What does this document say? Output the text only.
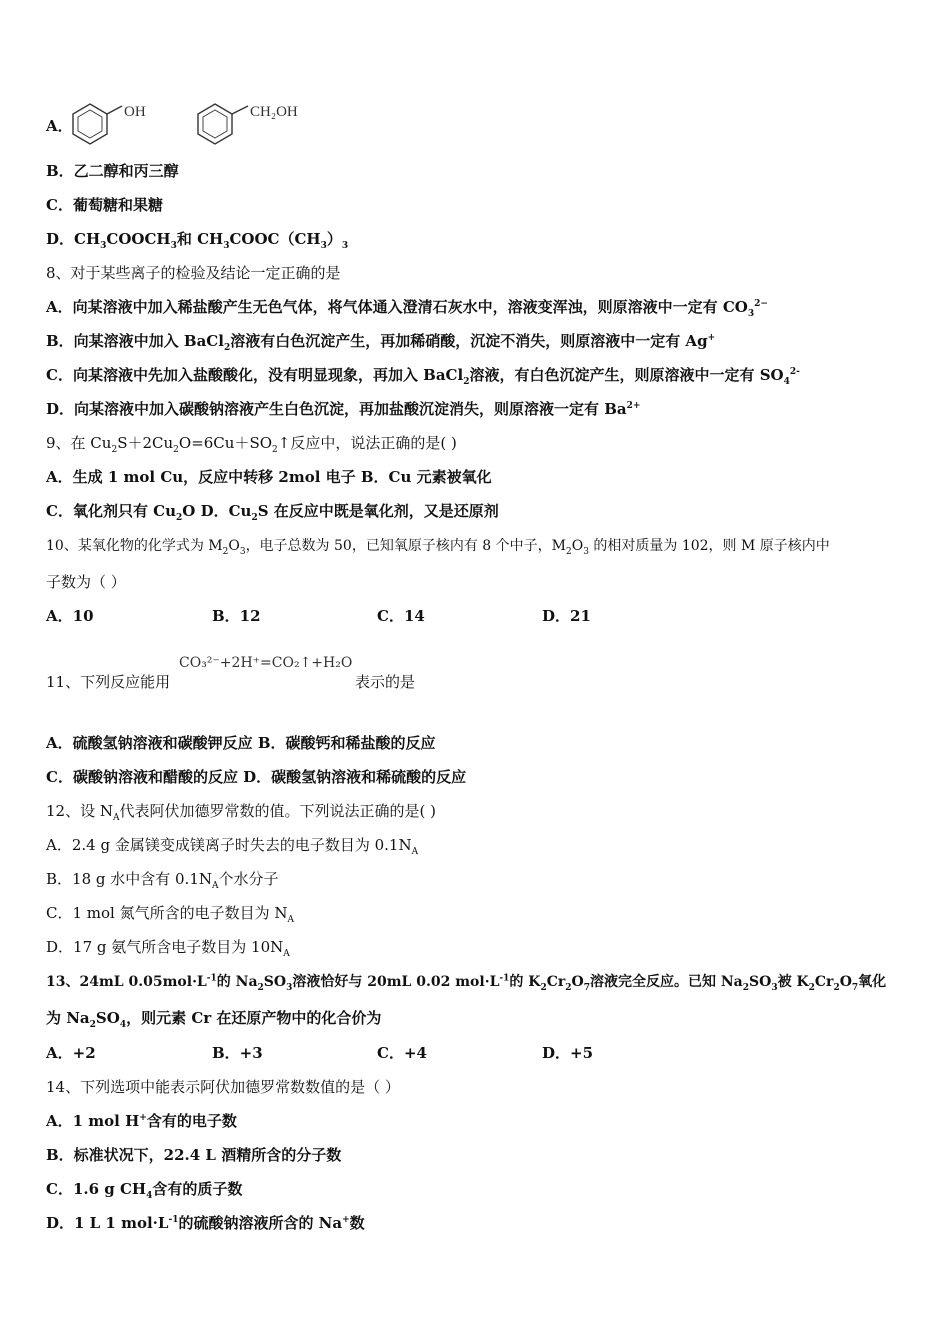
A．
OH	CH₂OH
B．乙二醇和丙三醇
C．葡萄糖和果糖
D．$CH_3COOCH_3$和 $CH_3COOC(CH_3)_3$
8、对于某些离子的检验及结论一定正确的是
A．向某溶液中加入稀盐酸产生无色气体，将气体通入澄清石灰水中，溶液变浑浊，则原溶液中一定有 $CO_3^{2-}$
B．向某溶液中加入 BaCl$_2$溶液有白色沉淀产生，再加稀硝酸，沉淀不消失，则原溶液中一定有 Ag+
C．向某溶液中先加入盐酸酸化，没有明显现象，再加入 BaCl$_2$溶液，有白色沉淀产生，则原溶液中一定有 $SO_4^{2-}$
D．向某溶液中加入碳酸钠溶液产生白色沉淀，再加盐酸沉淀消失，则原溶液一定有 $Ba^{2+}$
9、在 $Cu_2S+2Cu_2O=6Cu+SO_2↑$反应中，说法正确的是( )
A．生成 1 mol Cu，反应中转移 2mol 电子 B．Cu 元素被氧化
C．氧化剂只有 $Cu_2O$ D．$Cu_2S$ 在反应中既是氧化剂，又是还原剂
10、某氧化物的化学式为 $M_2O_3$，电子总数为 50，已知氧原子核内有 8 个中子，$M_2O_3$ 的相对质量为 102，则 M 原子核内中
子数为（ ）
A．10	B．12	C．14	D．21
11、下列反应能用
CO₃²⁻+2H⁺=CO₂↑+H₂O
表示的是
A．硫酸氢钠溶液和碳酸钾反应 B．碳酸钙和稀盐酸的反应
C．碳酸钠溶液和醋酸的反应 D．碳酸氢钠溶液和稀硫酸的反应
12、设 $N_A$代表阿伏加德罗常数的值。下列说法正确的是( )
A．2.4 g 金属镁变成镁离子时失去的电子数目为 $0.1N_A$
B．18 g 水中含有 $0.1N_A$个水分子
C．1 mol 氮气所含的电子数目为 $N_A$
D．17 g 氨气所含电子数目为 $10N_A$
13、24mL $0.05mol\cdot L^{-1}$的 $Na_2SO_3$溶液恰好与 20mL 0.02 $mol\cdot L^{-1}$的 $K_2Cr_2O_7$溶液完全反应。已知 $Na_2SO_3$被 $K_2Cr_2O_7$氧化
为 $Na_2SO_4$，则元素 Cr 在还原产物中的化合价为
A．+2	B．+3	C．+4	D．+5
14、下列选项中能表示阿伏加德罗常数数值的是（ ）
A．1 mol H+含有的电子数
B．标准状况下，22.4 L 酒精所含的分子数
C．1.6 g $CH_4$含有的质子数
D．1 L 1 $mol\cdot L^{-1}$的硫酸钠溶液所含的 Na+数
